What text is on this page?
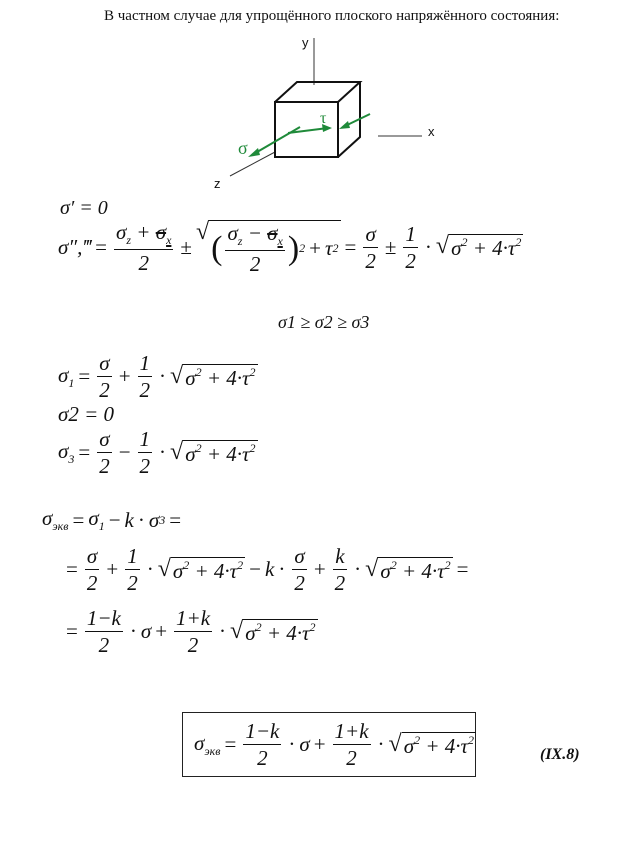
В частном случае для упрощённого плоского напряжённого состояния:
y
x
z
σ
τ
σ′ = 0
σ″,‴ = $\frac{\sigma_z + \sigma_x}{2}$ ±
√ ( $\frac{\sigma_z - \sigma_x}{2}$ ) 2 + τ $2 = \frac{\sigma}{2} \pm \frac{1}{2}$ · √ $\sigma^2 + 4\cdot\tau^2$
σ1 ≥ σ2 ≥ σ3
$\sigma_1 = \frac{\sigma}{2} + \frac{1}{2}$ · √ $\sigma^2 + 4\cdot\tau^2$
σ2 = 0
$\sigma_3 = \frac{\sigma}{2} - \frac{1}{2}$ · √ $\sigma^2 + 4\cdot\tau^2$
$\sigma_{экв} = \sigma_1 - k \cdot \sigma$ 3 =
= $\frac{\sigma}{2} + \frac{1}{2}$ · √ $\sigma^2 + 4\cdot\tau^2 - k \cdot \frac{\sigma}{2} + \frac{k}{2}$ · √ $\sigma^2 + 4\cdot\tau^2$ =
= $\frac{1-k}{2} \cdot \sigma + \frac{1+k}{2}$ · √ $\sigma^2 + 4\cdot\tau^2$
$\sigma_{экв} = \frac{1-k}{2} \cdot \sigma + \frac{1+k}{2}$ · √ $\sigma^2 + 4\cdot\tau^2$
(IX.8)
